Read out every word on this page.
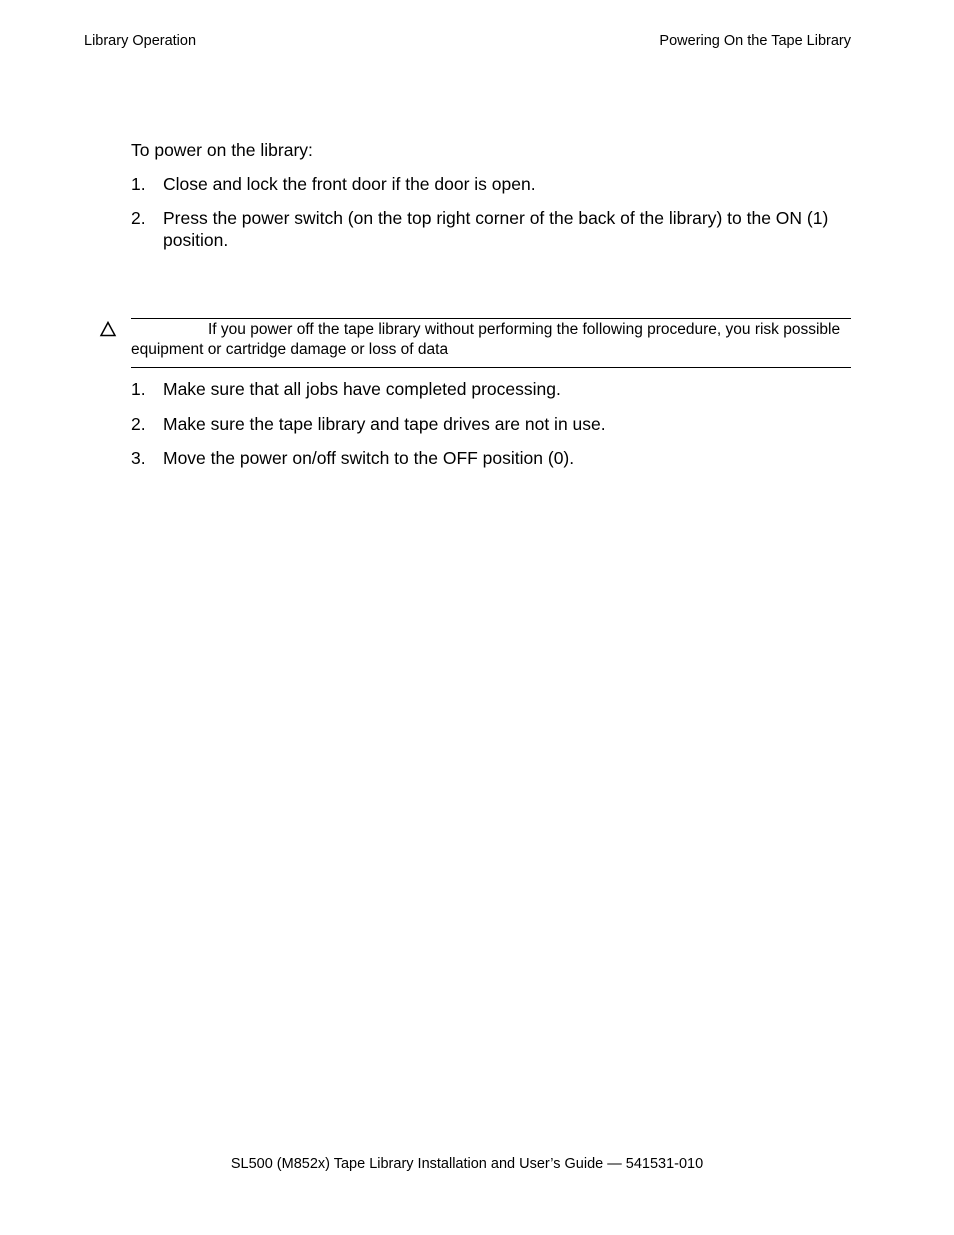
Library Operation	Powering On the Tape Library
To power on the library:
1. Close and lock the front door if the door is open.
2. Press the power switch (on the top right corner of the back of the library) to the ON (1) position.
If you power off the tape library without performing the following procedure, you risk possible equipment or cartridge damage or loss of data
1. Make sure that all jobs have completed processing.
2. Make sure the tape library and tape drives are not in use.
3. Move the power on/off switch to the OFF position (0).
SL500 (M852x) Tape Library Installation and User’s Guide — 541531-010
